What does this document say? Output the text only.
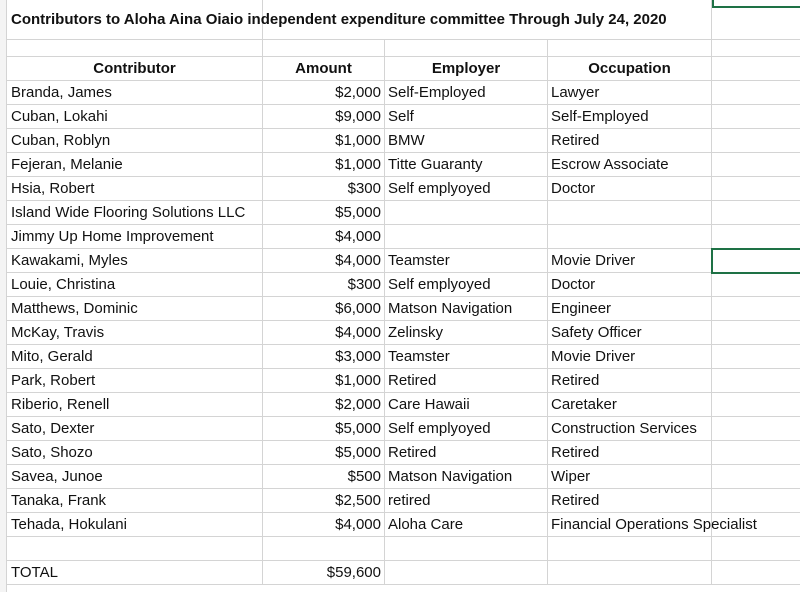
Contributors to Aloha Aina Oiaio independent expenditure committee Through July 24, 2020
Contributor	Amount	Employer	Occupation
Branda, James	$2,000 Self-Employed	Lawyer
Cuban, Lokahi	$9,000 Self	Self-Employed
Cuban, Roblyn	$1,000 BMW	Retired
Fejeran, Melanie	$1,000 Titte Guaranty	Escrow Associate
Hsia, Robert	$300 Self emplyoyed	Doctor
Island Wide Flooring Solutions LLC	$5,000
Jimmy Up Home Improvement	$4,000
Kawakami, Myles	$4,000 Teamster	Movie Driver
Louie, Christina	$300 Self emplyoyed	Doctor
Matthews, Dominic	$6,000 Matson Navigation	Engineer
McKay, Travis	$4,000 Zelinsky	Safety Officer
Mito, Gerald	$3,000 Teamster	Movie Driver
Park, Robert	$1,000 Retired	Retired
Riberio, Renell	$2,000 Care Hawaii	Caretaker
Sato, Dexter	$5,000 Self emplyoyed	Construction Services
Sato, Shozo	$5,000 Retired	Retired
Savea, Junoe	$500 Matson Navigation	Wiper
Tanaka, Frank	$2,500 retired	Retired
Tehada, Hokulani	$4,000 Aloha Care	Financial Operations Specialist
TOTAL	$59,600
